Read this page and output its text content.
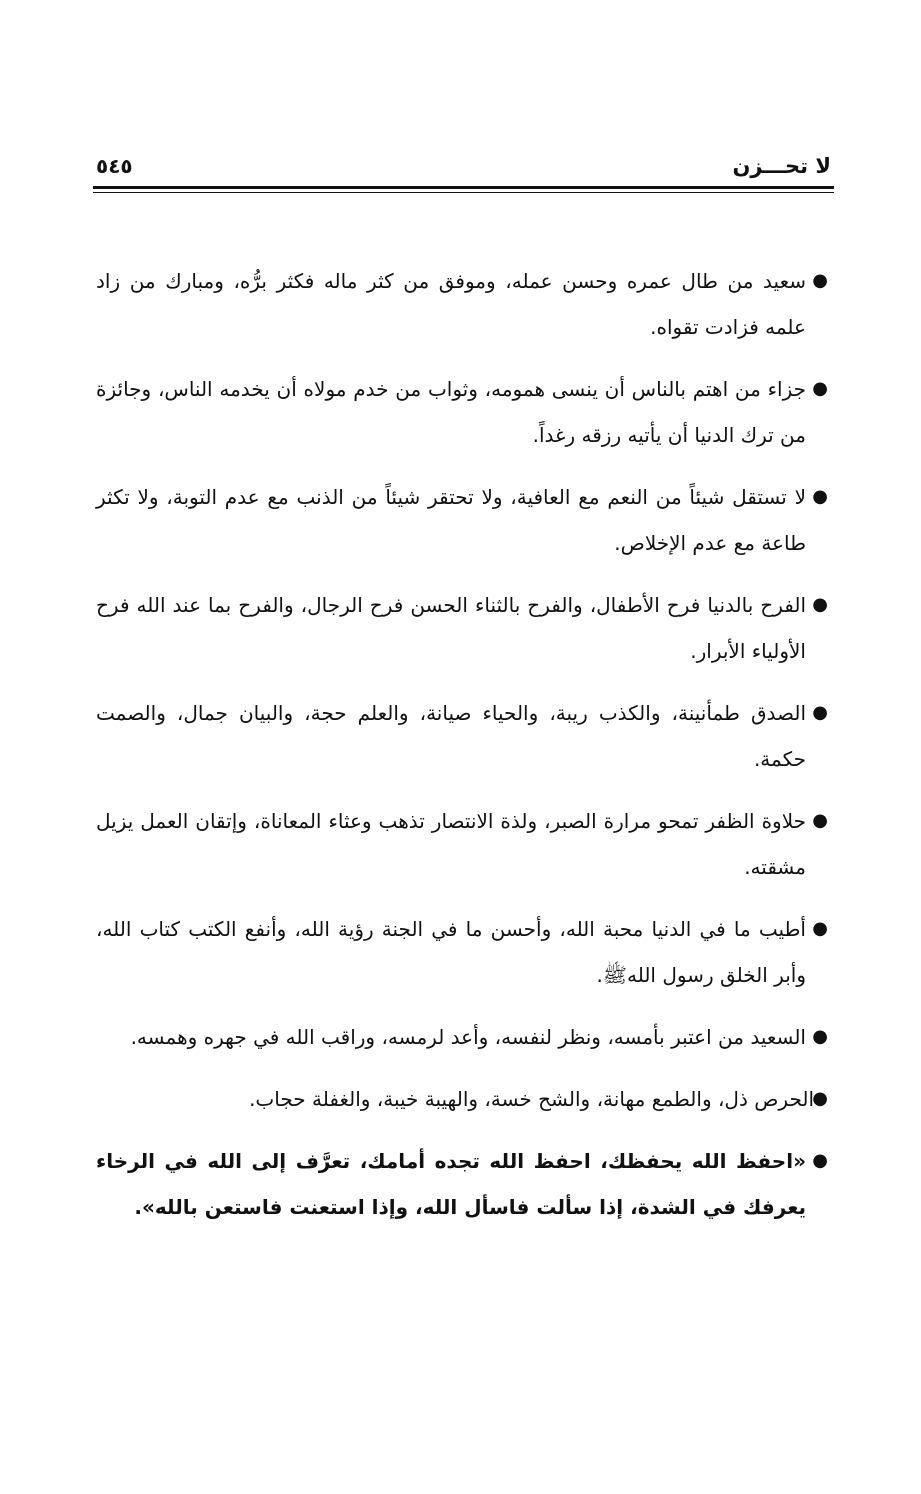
لا تحـــزن
٥٤٥
●
سعيد من طال عمره وحسن عمله، وموفق من كثر ماله فكثر برُّه، ومبارك من زاد علمه فزادت تقواه.
●
جزاء من اهتم بالناس أن ينسى همومه، وثواب من خدم مولاه أن يخدمه الناس، وجائزة من ترك الدنيا أن يأتيه رزقه رغداً.
●
لا تستقل شيئاً من النعم مع العافية، ولا تحتقر شيئاً من الذنب مع عدم التوبة، ولا تكثر طاعة مع عدم الإخلاص.
●
الفرح بالدنيا فرح الأطفال، والفرح بالثناء الحسن فرح الرجال، والفرح بما عند الله فرح الأولياء الأبرار.
●
الصدق طمأنينة، والكذب ريبة، والحياء صيانة، والعلم حجة، والبيان جمال، والصمت حكمة.
●
حلاوة الظفر تمحو مرارة الصبر، ولذة الانتصار تذهب وعثاء المعاناة، وإتقان العمل يزيل مشقته.
●
أطيب ما في الدنيا محبة الله، وأحسن ما في الجنة رؤية الله، وأنفع الكتب كتاب الله، وأبر الخلق رسول اللهﷺ.
●
السعيد من اعتبر بأمسه، ونظر لنفسه، وأعد لرمسه، وراقب الله في جهره وهمسه.
●
الحرص ذل، والطمع مهانة، والشح خسة، والهيبة خيبة، والغفلة حجاب.
●
«احفظ الله يحفظك، احفظ الله تجده أمامك، تعرَّف إلى الله في الرخاء يعرفك في الشدة، إذا سألت فاسأل الله، وإذا استعنت فاستعن بالله».
